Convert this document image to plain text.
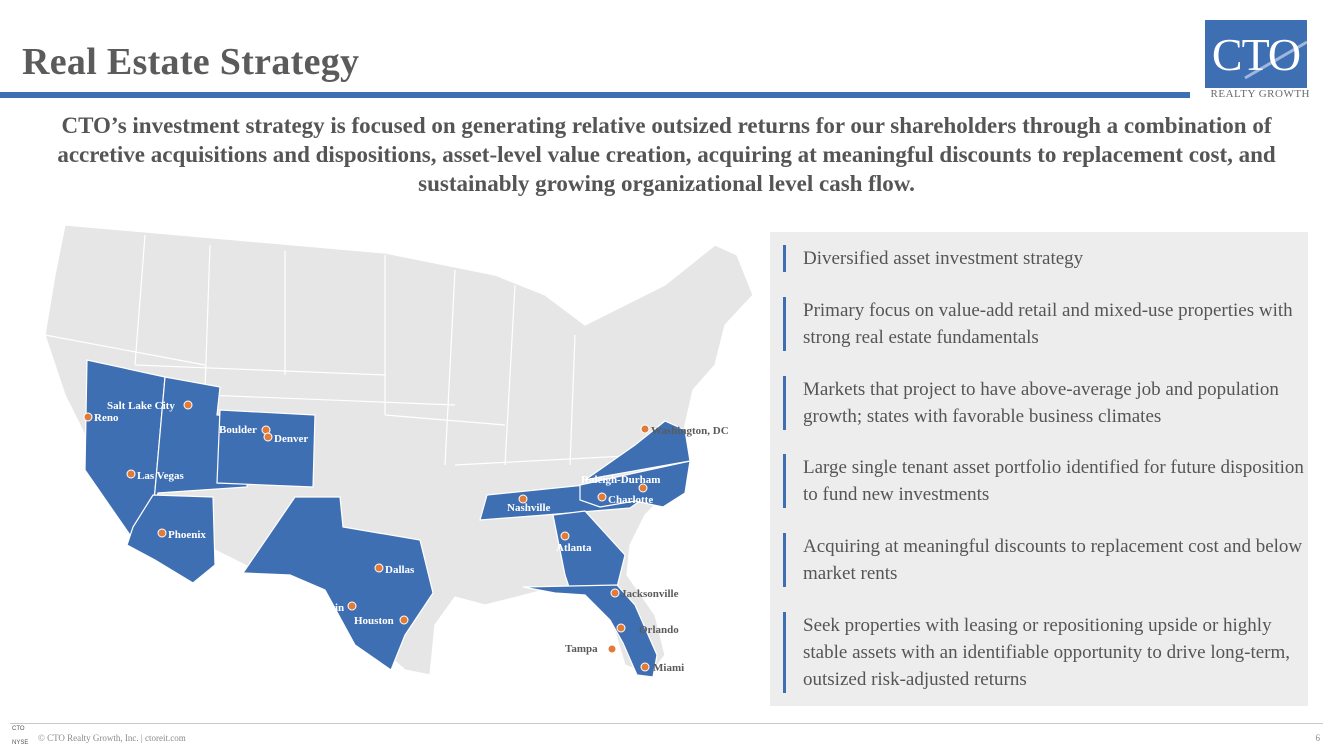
Real Estate Strategy	CTO
REALTY GROWTH
CTO’s investment strategy is focused on generating relative outsized returns for our shareholders through a combination of accretive acquisitions and dispositions, asset-level value creation, acquiring at meaningful discounts to replacement cost, and sustainably growing organizational level cash flow.
Salt Lake City
Reno
Boulder
Denver
Las Vegas
Phoenix
Dallas
Austin
Houston
Nashville
Atlanta
Raleigh-Durham
Charlotte
Washington, DC
Jacksonville
Orlando
Tampa
Miami
Diversified asset investment strategy
Primary focus on value-add retail and mixed-use properties with strong real estate fundamentals
Markets that project to have above-average job and population growth; states with favorable business climates
Large single tenant asset portfolio identified for future disposition to fund new investments
Acquiring at meaningful discounts to replacement cost and below market rents
Seek properties with leasing or repositioning upside or highly stable assets with an identifiable opportunity to drive long-term, outsized risk-adjusted returns
CTO
NYSE © CTO Realty Growth, Inc. | ctoreit.com	6
